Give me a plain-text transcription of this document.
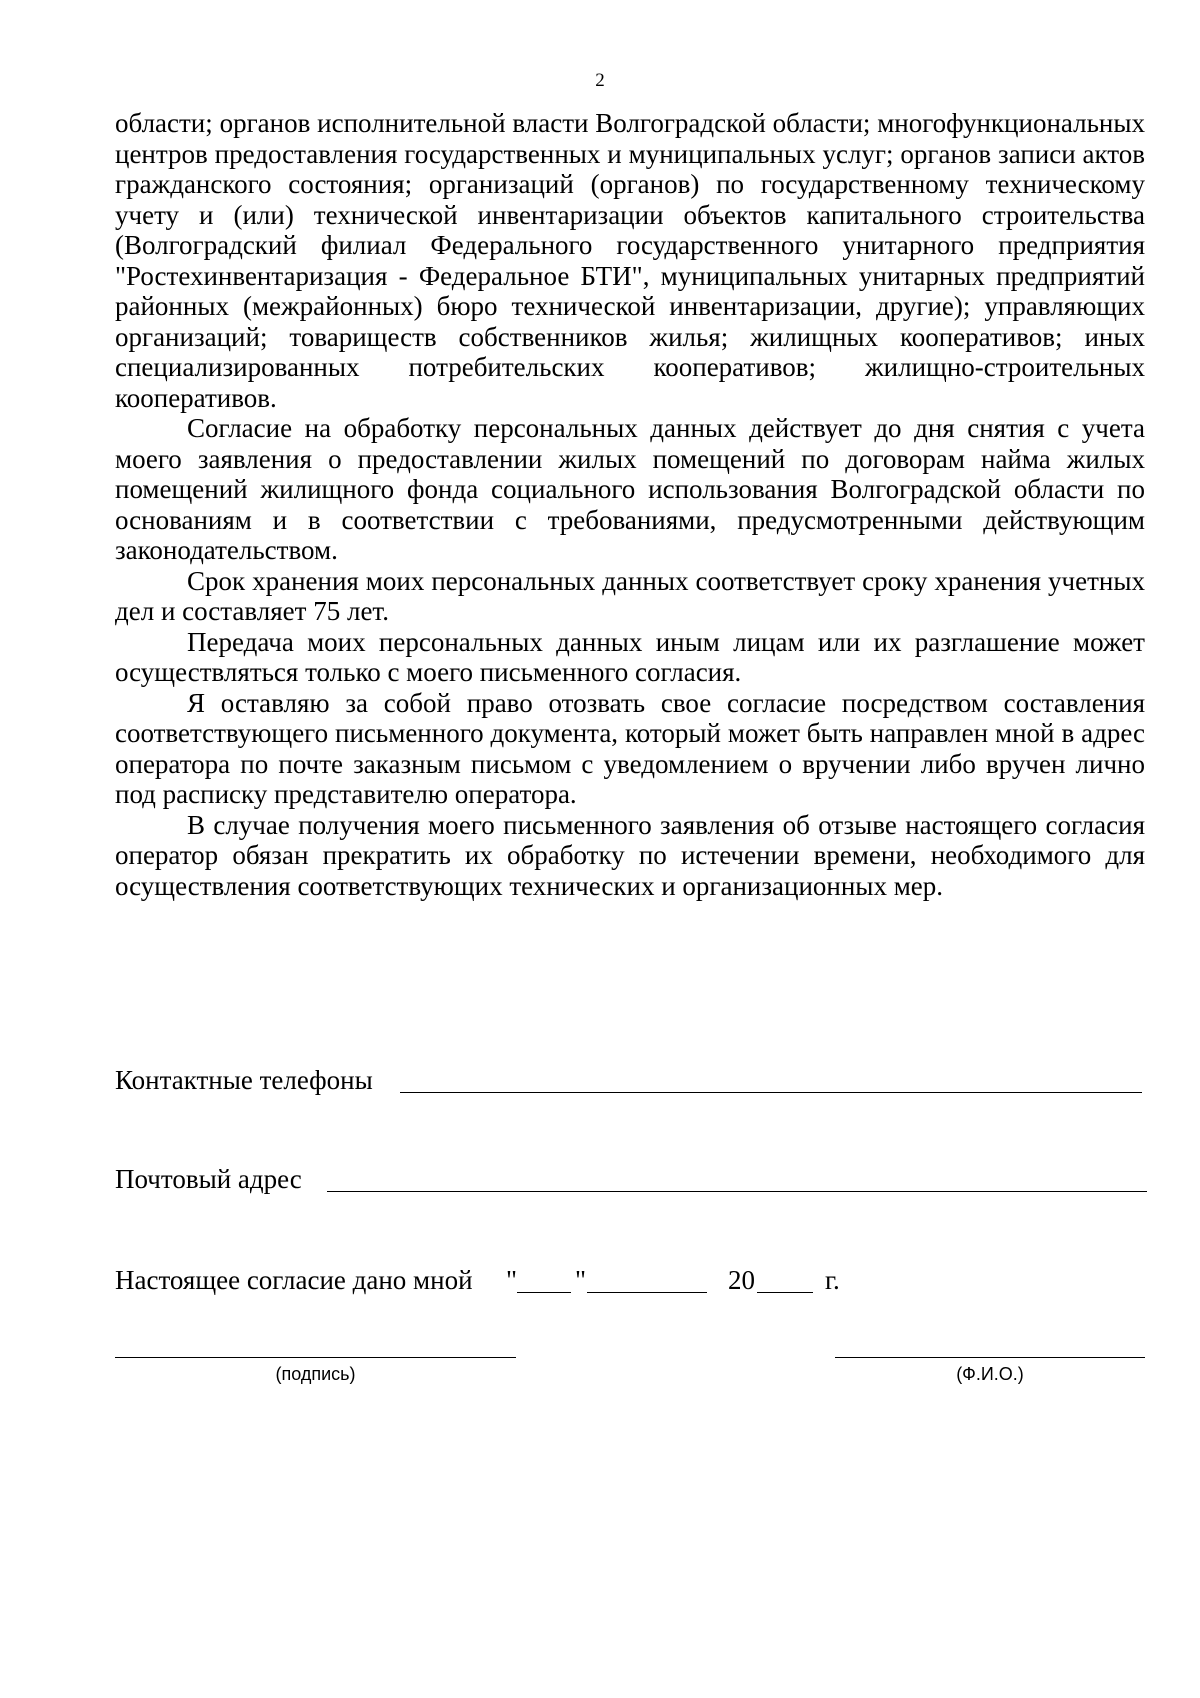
2

области; органов исполнительной власти Волгоградской области; многофункциональных центров предоставления государственных и муниципальных услуг; органов записи актов гражданского состояния; организаций (органов) по государственному техническому учету и (или) технической инвентаризации объектов капитального строительства (Волгоградский филиал Федерального государственного унитарного предприятия "Ростехинвентаризация - Федеральное БТИ", муниципальных унитарных предприятий районных (межрайонных) бюро технической инвентаризации, другие); управляющих организаций; товариществ собственников жилья; жилищных кооперативов; иных специализированных потребительских кооперативов; жилищно-строительных кооперативов.

Согласие на обработку персональных данных действует до дня снятия с учета моего заявления о предоставлении жилых помещений по договорам найма жилых помещений жилищного фонда социального использования Волгоградской области по основаниям и в соответствии с требованиями, предусмотренными действующим законодательством.

Срок хранения моих персональных данных соответствует сроку хранения учетных дел и составляет 75 лет.

Передача моих персональных данных иным лицам или их разглашение может осуществляться только с моего письменного согласия.

Я оставляю за собой право отозвать свое согласие посредством составления соответствующего письменного документа, который может быть направлен мной в адрес оператора по почте заказным письмом с уведомлением о вручении либо вручен лично под расписку представителю оператора.

В случае получения моего письменного заявления об отзыве настоящего согласия оператор обязан прекратить их обработку по истечении времени, необходимого для осуществления соответствующих технических и организационных мер.

Контактные телефоны
Почтовый адрес
Настоящее согласие дано мной " "	20	г.
(подпись)	(Ф.И.О.)
